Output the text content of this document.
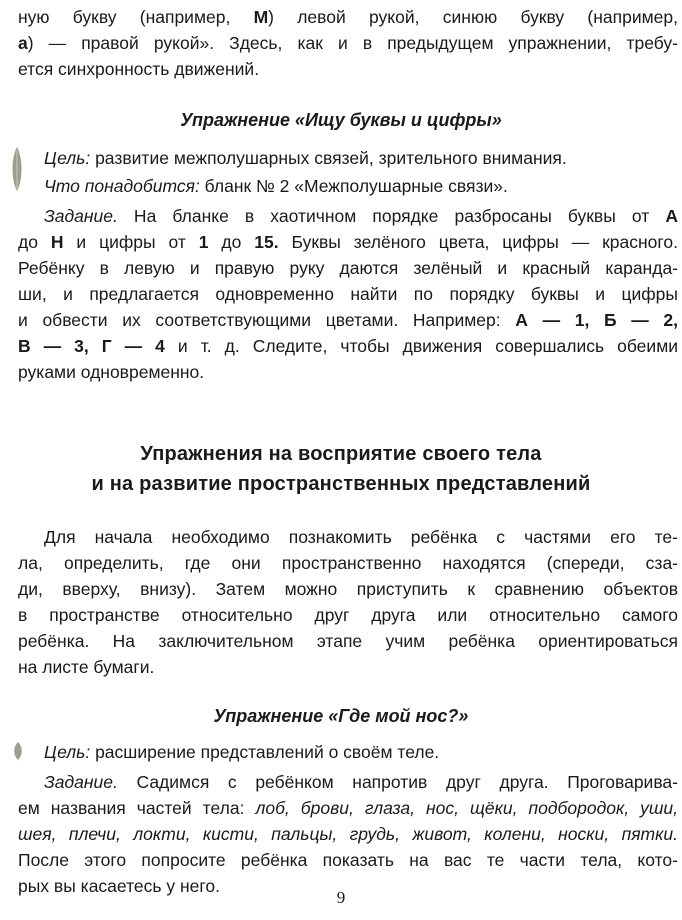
ную букву (например, М) левой рукой, синюю букву (например,
а) — правой рукой». Здесь, как и в предыдущем упражнении, требу-
ется синхронность движений.
Упражнение «Ищу буквы и цифры»
Цель: развитие межполушарных связей, зрительного внимания.
Что понадобится: бланк № 2 «Межполушарные связи».
Задание. На бланке в хаотичном порядке разбросаны буквы от А
до Н и цифры от 1 до 15. Буквы зелёного цвета, цифры — красного.
Ребёнку в левую и правую руку даются зелёный и красный каранда-
ши, и предлагается одновременно найти по порядку буквы и цифры
и обвести их соответствующими цветами. Например: А — 1, Б — 2,
В — 3, Г — 4 и т. д. Следите, чтобы движения совершались обеими
руками одновременно.
Упражнения на восприятие своего тела
и на развитие пространственных представлений
Для начала необходимо познакомить ребёнка с частями его те-
ла, определить, где они пространственно находятся (спереди, сза-
ди, вверху, внизу). Затем можно приступить к сравнению объектов
в пространстве относительно друг друга или относительно самого
ребёнка. На заключительном этапе учим ребёнка ориентироваться
на листе бумаги.
Упражнение «Где мой нос?»
Цель: расширение представлений о своём теле.
Задание. Садимся с ребёнком напротив друг друга. Проговарива-
ем названия частей тела: лоб, брови, глаза, нос, щёки, подбородок, уши,
шея, плечи, локти, кисти, пальцы, грудь, живот, колени, носки, пятки.
После этого попросите ребёнка показать на вас те части тела, кото-
рых вы касаетесь у него.
9
